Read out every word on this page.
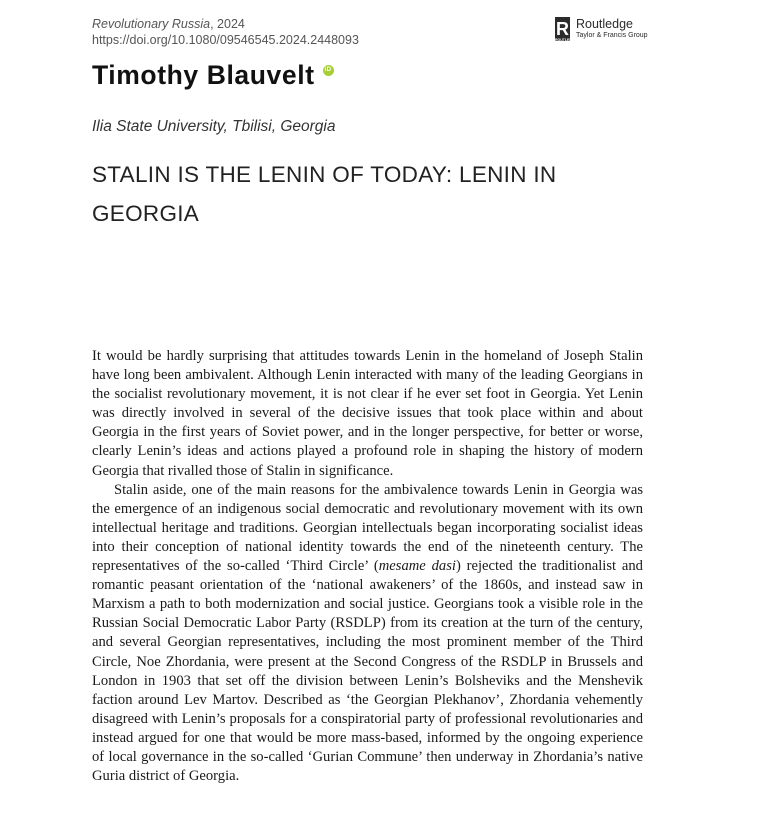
Revolutionary Russia, 2024
https://doi.org/10.1080/09546545.2024.2448093
R
ROUTLEDGE
Routledge
Taylor & Francis Group
Timothy Blauvelt	iD
Ilia State University, Tbilisi, Georgia
STALIN IS THE LENIN OF TODAY: LENIN IN GEORGIA

It would be hardly surprising that attitudes towards Lenin in the homeland of Joseph Stalin have long been ambivalent. Although Lenin interacted with many of the leading Georgians in the socialist revolutionary movement, it is not clear if he ever set foot in Georgia. Yet Lenin was directly involved in several of the decisive issues that took place within and about Georgia in the first years of Soviet power, and in the longer perspective, for better or worse, clearly Lenin’s ideas and actions played a profound role in shaping the history of modern Georgia that rivalled those of Stalin in significance.

Stalin aside, one of the main reasons for the ambivalence towards Lenin in Georgia was the emergence of an indigenous social democratic and revolutionary movement with its own intellectual heritage and traditions. Georgian intellectuals began incorporating socialist ideas into their conception of national identity towards the end of the nineteenth century. The representatives of the so-called ‘Third Circle’ (mesame dasi) rejected the traditionalist and romantic peasant orientation of the ‘national awakeners’ of the 1860s, and instead saw in Marxism a path to both modernization and social justice. Georgians took a visible role in the Russian Social Democratic Labor Party (RSDLP) from its creation at the turn of the century, and several Georgian representatives, including the most prominent member of the Third Circle, Noe Zhordania, were present at the Second Congress of the RSDLP in Brussels and London in 1903 that set off the division between Lenin’s Bolsheviks and the Menshevik faction around Lev Martov. Described as ‘the Georgian Plekhanov’, Zhordania vehemently disagreed with Lenin’s proposals for a conspiratorial party of professional revolutionaries and instead argued for one that would be more mass-based, informed by the ongoing experience of local governance in the so-called ‘Gurian Commune’ then underway in Zhordania’s native Guria district of Georgia.
